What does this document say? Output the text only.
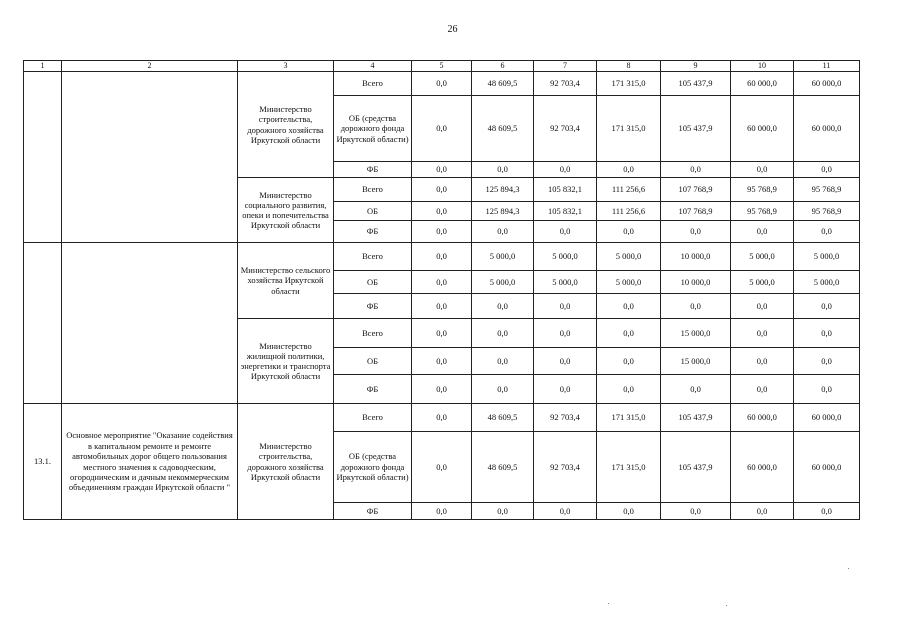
26
1	2	3	4	5	6	7	8	9	10	11
		Министерство строительства, дорожного хозяйства Иркутской области	Всего	0,0	48 609,5	92 703,4	171 315,0	105 437,9	60 000,0	60 000,0
			ОБ (средства дорожного фонда Иркутской области)	0,0	48 609,5	92 703,4	171 315,0	105 437,9	60 000,0	60 000,0
			ФБ	0,0	0,0	0,0	0,0	0,0	0,0	0,0
		Министерство социального развития, опеки и попечительства Иркутской области	Всего	0,0	125 894,3	105 832,1	111 256,6	107 768,9	95 768,9	95 768,9
			ОБ	0,0	125 894,3	105 832,1	111 256,6	107 768,9	95 768,9	95 768,9
			ФБ	0,0	0,0	0,0	0,0	0,0	0,0	0,0
		Министерство сельского хозяйства Иркутской области	Всего	0,0	5 000,0	5 000,0	5 000,0	10 000,0	5 000,0	5 000,0
			ОБ	0,0	5 000,0	5 000,0	5 000,0	10 000,0	5 000,0	5 000,0
			ФБ	0,0	0,0	0,0	0,0	0,0	0,0	0,0
		Министерство жилищной политики, энергетики и транспорта Иркутской области	Всего	0,0	0,0	0,0	0,0	15 000,0	0,0	0,0
			ОБ	0,0	0,0	0,0	0,0	15 000,0	0,0	0,0
			ФБ	0,0	0,0	0,0	0,0	0,0	0,0	0,0
13.1.	Основное мероприятие "Оказание содействия в капитальном ремонте и ремонте автомобильных дорог общего пользования местного значения к садоводческим, огородническим и дачным некоммерческим объединениям граждан Иркутской области "	Министерство строительства, дорожного хозяйства Иркутской области	Всего	0,0	48 609,5	92 703,4	171 315,0	105 437,9	60 000,0	60 000,0
			ОБ (средства дорожного фонда Иркутской области)	0,0	48 609,5	92 703,4	171 315,0	105 437,9	60 000,0	60 000,0
			ФБ	0,0	0,0	0,0	0,0	0,0	0,0	0,0
